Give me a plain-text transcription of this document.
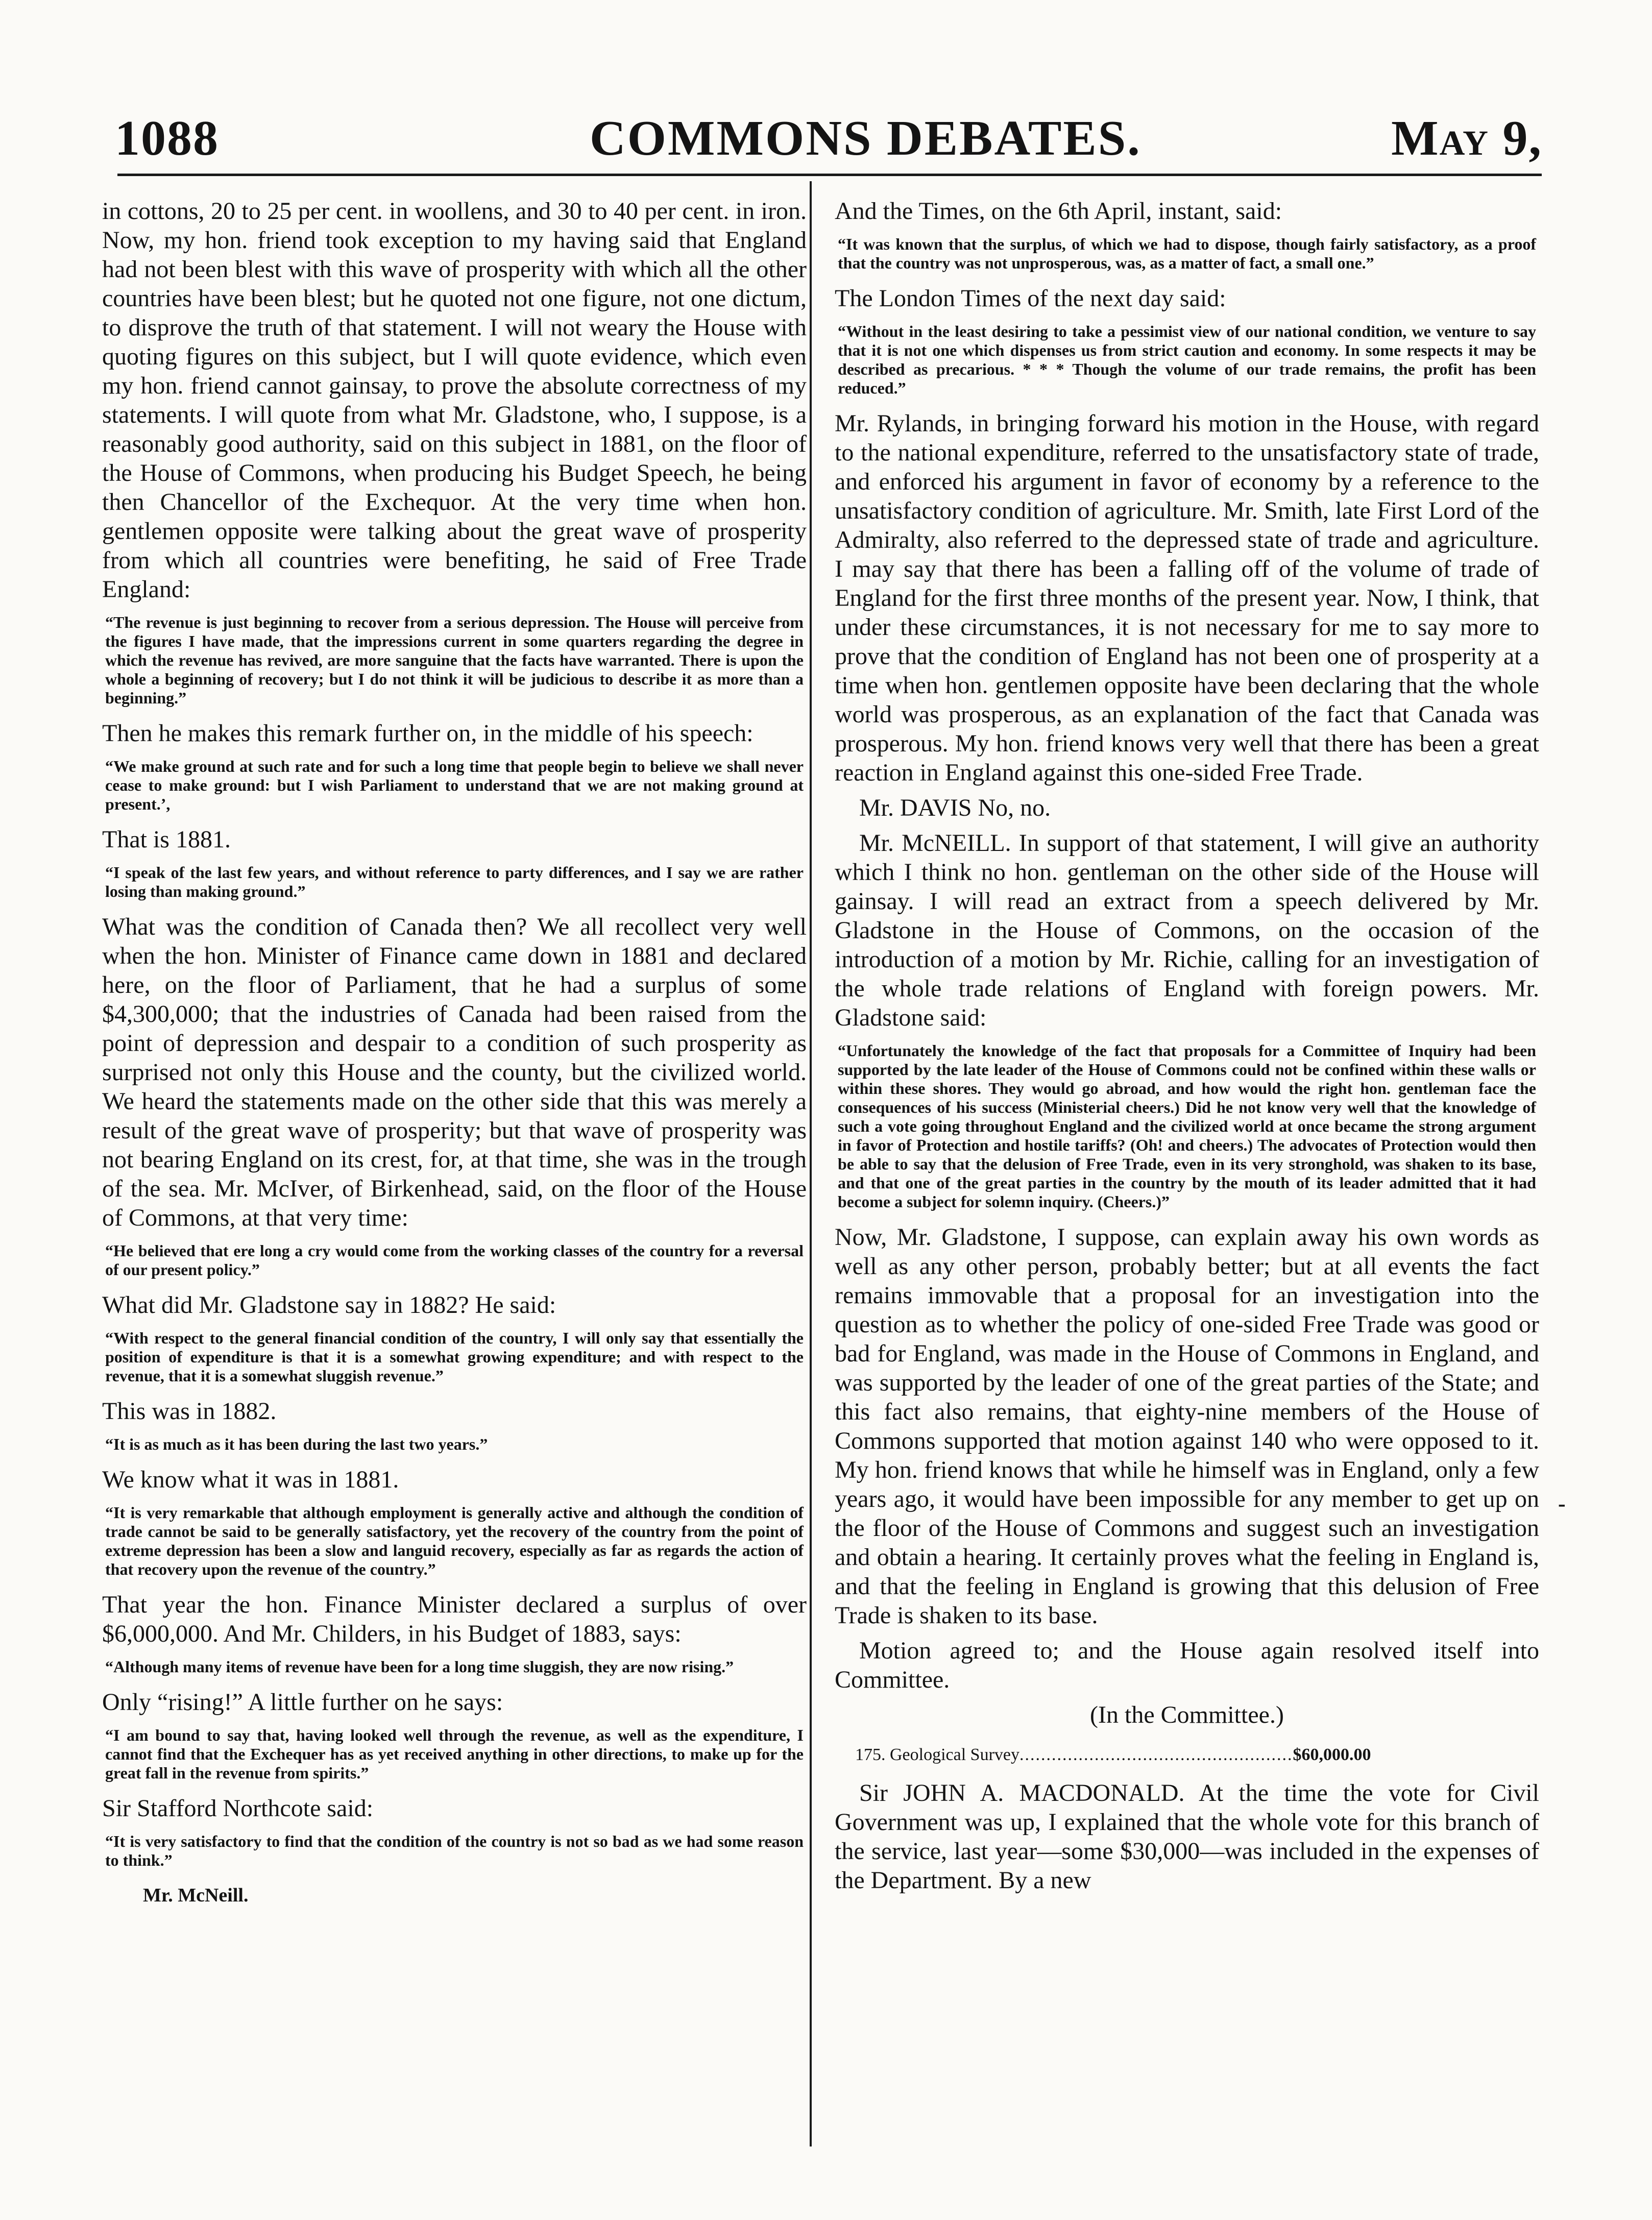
1088	COMMONS DEBATES.	May 9,
-

in cottons, 20 to 25 per cent. in woollens, and 30 to 40 per cent. in iron. Now, my hon. friend took exception to my having said that England had not been blest with this wave of prosperity with which all the other countries have been blest; but he quoted not one figure, not one dictum, to disprove the truth of that statement. I will not weary the House with quoting figures on this subject, but I will quote evidence, which even my hon. friend cannot gainsay, to prove the absolute correctness of my statements. I will quote from what Mr. Gladstone, who, I suppose, is a reasonably good authority, said on this subject in 1881, on the floor of the House of Commons, when producing his Budget Speech, he being then Chancellor of the Exchequor. At the very time when hon. gentlemen opposite were talking about the great wave of prosperity from which all countries were benefiting, he said of Free Trade England:

“The revenue is just beginning to recover from a serious depression. The House will perceive from the figures I have made, that the impressions current in some quarters regarding the degree in which the revenue has revived, are more sanguine that the facts have warranted. There is upon the whole a beginning of recovery; but I do not think it will be judicious to describe it as more than a beginning.”

Then he makes this remark further on, in the middle of his speech:

“We make ground at such rate and for such a long time that people begin to believe we shall never cease to make ground: but I wish Parliament to understand that we are not making ground at present.’,

That is 1881.

“I speak of the last few years, and without reference to party differences, and I say we are rather losing than making ground.”

What was the condition of Canada then? We all recollect very well when the hon. Minister of Finance came down in 1881 and declared here, on the floor of Parliament, that he had a surplus of some $4,300,000; that the industries of Canada had been raised from the point of depression and despair to a condition of such prosperity as surprised not only this House and the county, but the civilized world. We heard the statements made on the other side that this was merely a result of the great wave of prosperity; but that wave of prosperity was not bearing England on its crest, for, at that time, she was in the trough of the sea. Mr. McIver, of Birkenhead, said, on the floor of the House of Commons, at that very time:

“He believed that ere long a cry would come from the working classes of the country for a reversal of our present policy.”

What did Mr. Gladstone say in 1882? He said:

“With respect to the general financial condition of the country, I will only say that essentially the position of expenditure is that it is a somewhat growing expenditure; and with respect to the revenue, that it is a somewhat sluggish revenue.”

This was in 1882.

“It is as much as it has been during the last two years.”

We know what it was in 1881.

“It is very remarkable that although employment is generally active and although the condition of trade cannot be said to be generally satisfactory, yet the recovery of the country from the point of extreme depression has been a slow and languid recovery, especially as far as regards the action of that recovery upon the revenue of the country.”

That year the hon. Finance Minister declared a surplus of over $6,000,000. And Mr. Childers, in his Budget of 1883, says:

“Although many items of revenue have been for a long time sluggish, they are now rising.”

Only “rising!” A little further on he says:

“I am bound to say that, having looked well through the revenue, as well as the expenditure, I cannot find that the Exchequer has as yet received anything in other directions, to make up for the great fall in the revenue from spirits.”

Sir Stafford Northcote said:

“It is very satisfactory to find that the condition of the country is not so bad as we had some reason to think.”

Mr. McNeill.

And the Times, on the 6th April, instant, said:

“It was known that the surplus, of which we had to dispose, though fairly satisfactory, as a proof that the country was not unprosperous, was, as a matter of fact, a small one.”

The London Times of the next day said:

“Without in the least desiring to take a pessimist view of our national condition, we venture to say that it is not one which dispenses us from strict caution and economy. In some respects it may be described as precarious. * * * Though the volume of our trade remains, the profit has been reduced.”

Mr. Rylands, in bringing forward his motion in the House, with regard to the national expenditure, referred to the unsatisfactory state of trade, and enforced his argument in favor of economy by a reference to the unsatisfactory condition of agriculture. Mr. Smith, late First Lord of the Admiralty, also referred to the depressed state of trade and agriculture. I may say that there has been a falling off of the volume of trade of England for the first three months of the present year. Now, I think, that under these circumstances, it is not necessary for me to say more to prove that the condition of England has not been one of prosperity at a time when hon. gentlemen opposite have been declaring that the whole world was prosperous, as an explanation of the fact that Canada was prosperous. My hon. friend knows very well that there has been a great reaction in England against this one-sided Free Trade.

Mr. DAVIS No, no.

Mr. McNEILL. In support of that statement, I will give an authority which I think no hon. gentleman on the other side of the House will gainsay. I will read an extract from a speech delivered by Mr. Gladstone in the House of Commons, on the occasion of the introduction of a motion by Mr. Richie, calling for an investigation of the whole trade relations of England with foreign powers. Mr. Gladstone said:

“Unfortunately the knowledge of the fact that proposals for a Committee of Inquiry had been supported by the late leader of the House of Commons could not be confined within these walls or within these shores. They would go abroad, and how would the right hon. gentleman face the consequences of his success (Ministerial cheers.) Did he not know very well that the knowledge of such a vote going throughout England and the civilized world at once became the strong argument in favor of Protection and hostile tariffs? (Oh! and cheers.) The advocates of Protection would then be able to say that the delusion of Free Trade, even in its very stronghold, was shaken to its base, and that one of the great parties in the country by the mouth of its leader admitted that it had become a subject for solemn inquiry. (Cheers.)”

Now, Mr. Gladstone, I suppose, can explain away his own words as well as any other person, probably better; but at all events the fact remains immovable that a proposal for an investigation into the question as to whether the policy of one-sided Free Trade was good or bad for England, was made in the House of Commons in England, and was supported by the leader of one of the great parties of the State; and this fact also remains, that eighty-nine members of the House of Commons supported that motion against 140 who were opposed to it. My hon. friend knows that while he himself was in England, only a few years ago, it would have been impossible for any member to get up on the floor of the House of Commons and suggest such an investigation and obtain a hearing. It certainly proves what the feeling in England is, and that the feeling in England is growing that this delusion of Free Trade is shaken to its base.

Motion agreed to; and the House again resolved itself into Committee.

(In the Committee.)

175. Geological Survey...................................................$60,000.00

Sir JOHN A. MACDONALD. At the time the vote for Civil Government was up, I explained that the whole vote for this branch of the service, last year—some $30,000—was included in the expenses of the Department. By a new
